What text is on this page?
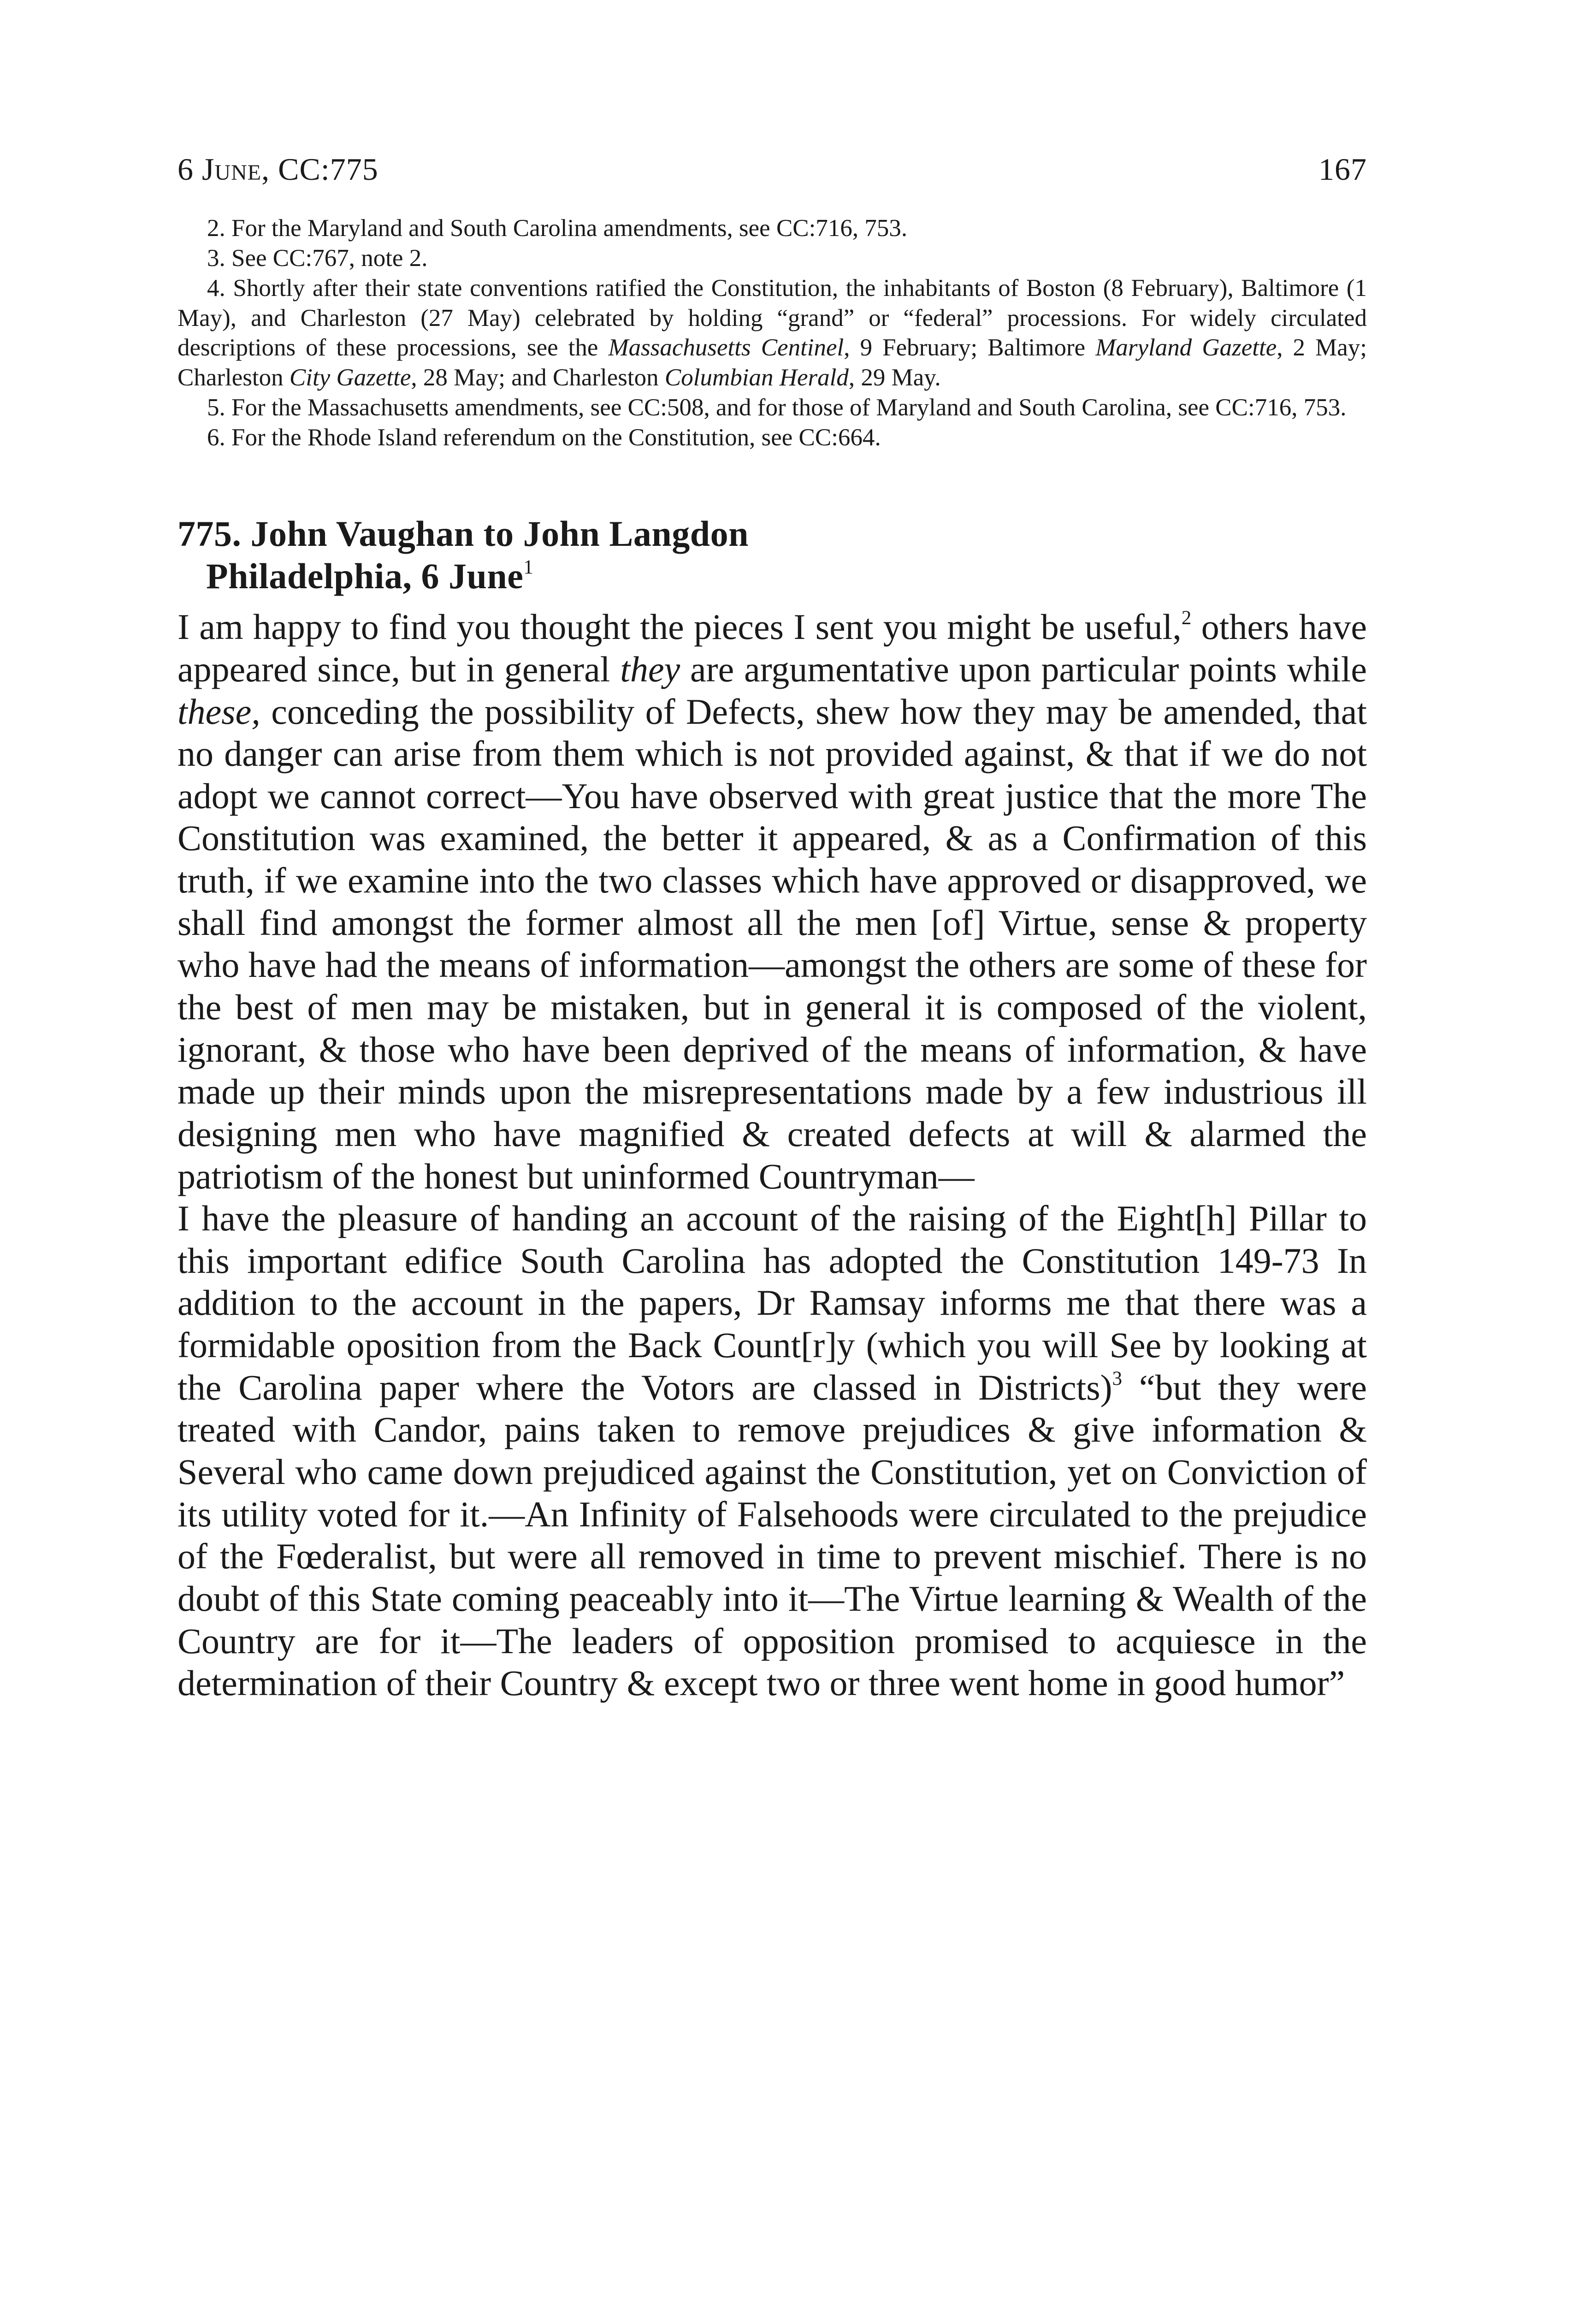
6 June, CC:775	167

2. For the Maryland and South Carolina amendments, see CC:716, 753.

3. See CC:767, note 2.

4. Shortly after their state conventions ratified the Constitution, the inhabitants of Boston (8 February), Baltimore (1 May), and Charleston (27 May) celebrated by holding “grand” or “federal” processions. For widely circulated descriptions of these processions, see the Massachusetts Centinel, 9 February; Baltimore Maryland Gazette, 2 May; Charleston City Gazette, 28 May; and Charleston Columbian Herald, 29 May.

5. For the Massachusetts amendments, see CC:508, and for those of Maryland and South Carolina, see CC:716, 753.

6. For the Rhode Island referendum on the Constitution, see CC:664.

775. John Vaughan to John Langdon
Philadelphia, 6 June$^1$

I am happy to find you thought the pieces I sent you might be useful,$^2$ others have appeared since, but in general they are argumentative upon particular points while these, conceding the possibility of Defects, shew how they may be amended, that no danger can arise from them which is not provided against, & that if we do not adopt we cannot correct—You have observed with great justice that the more The Constitution was examined, the better it appeared, & as a Confirmation of this truth, if we examine into the two classes which have approved or disapproved, we shall find amongst the former almost all the men [of] Virtue, sense & property who have had the means of information—amongst the others are some of these for the best of men may be mistaken, but in general it is composed of the violent, ignorant, & those who have been deprived of the means of information, & have made up their minds upon the misrepresentations made by a few industrious ill designing men who have magnified & created defects at will & alarmed the patriotism of the honest but uninformed Countryman—

I have the pleasure of handing an account of the raising of the Eight[h] Pillar to this important edifice South Carolina has adopted the Constitution 149-73 In addition to the account in the papers, Dr Ramsay informs me that there was a formidable oposition from the Back Count[r]y (which you will See by looking at the Carolina paper where the Votors are classed in Districts)$^3$ “but they were treated with Candor, pains taken to remove prejudices & give information & Several who came down prejudiced against the Constitution, yet on Conviction of its utility voted for it.—An Infinity of Falsehoods were circulated to the prejudice of the Fœderalist, but were all removed in time to prevent mischief. There is no doubt of this State coming peaceably into it—The Virtue learning & Wealth of the Country are for it—The leaders of opposition promised to acquiesce in the determination of their Country & except two or three went home in good humor”
